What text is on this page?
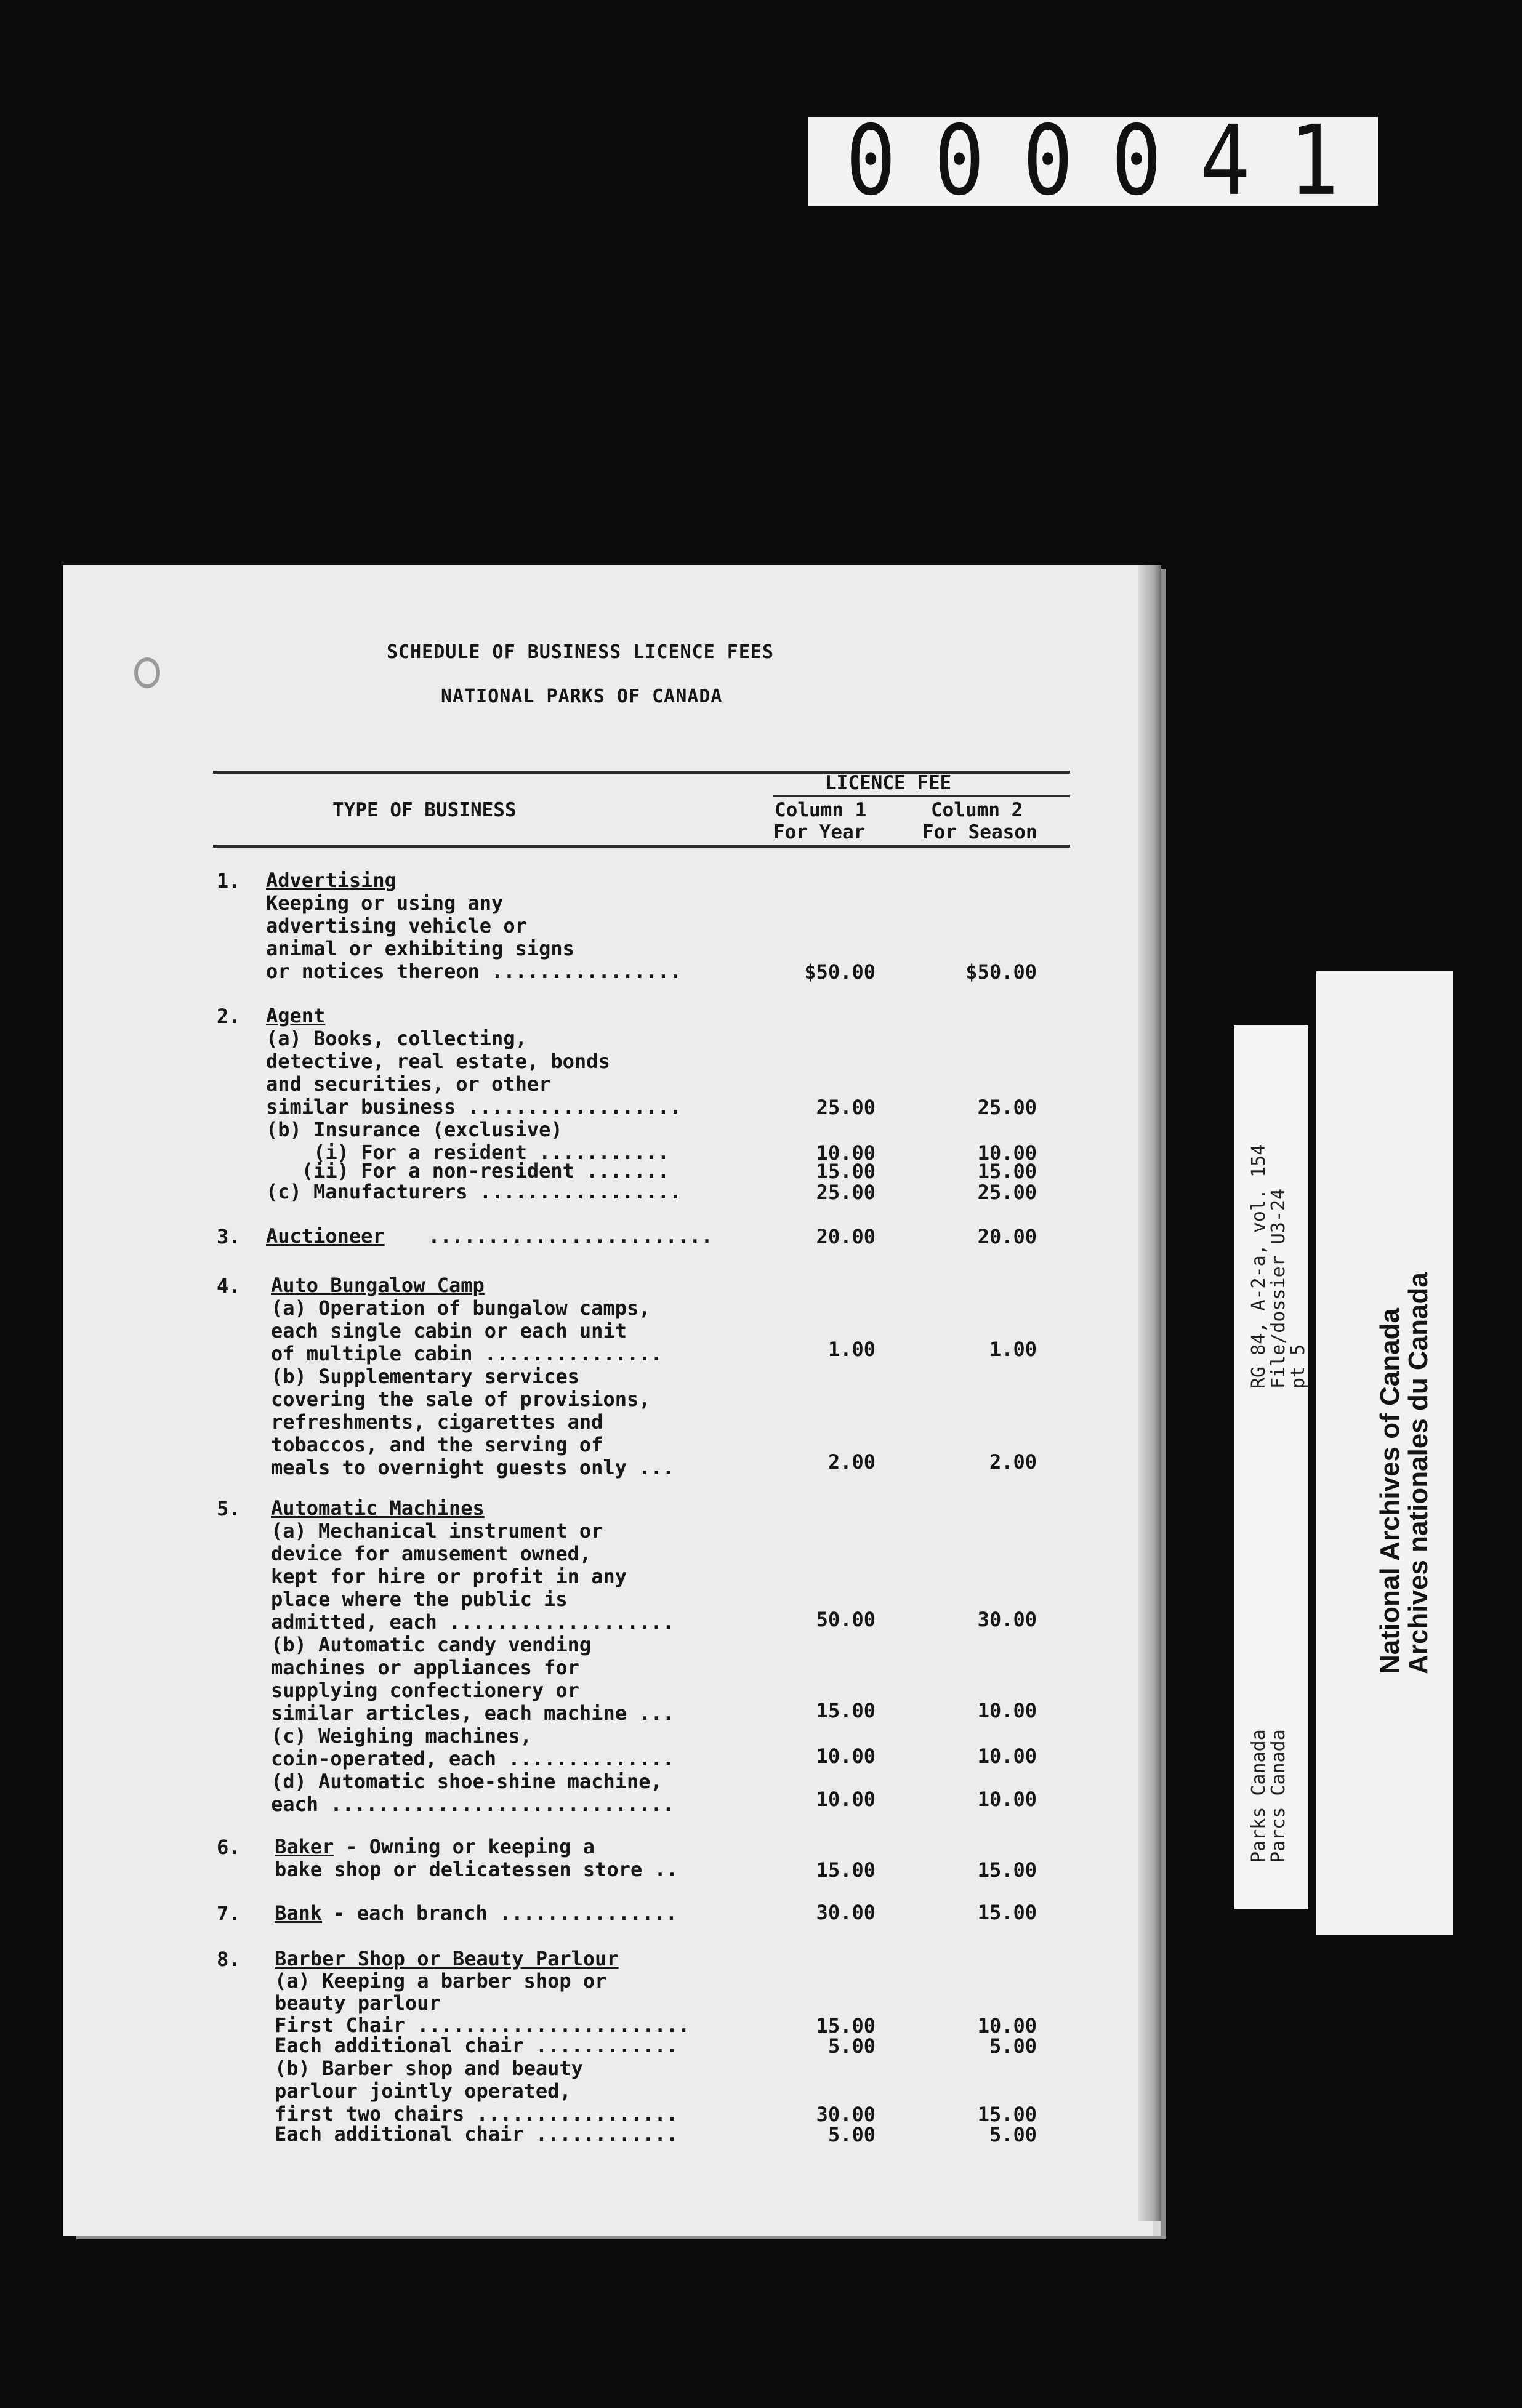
000041
SCHEDULE OF BUSINESS LICENCE FEES
NATIONAL PARKS OF CANADA
LICENCE FEE
TYPE OF BUSINESS	Column 1
For Year
Column 2
For Season
1. Advertising
Keeping or using any
advertising vehicle or
animal or exhibiting signs
or notices thereon ................	$50.00	$50.00
2. Agent
(a) Books, collecting,
detective, real estate, bonds
and securities, or other
similar business ..................	25.00	25.00
(b) Insurance (exclusive)
(i) For a resident ...........	10.00	10.00
(ii) For a non-resident .......	15.00	15.00
(c) Manufacturers .................	25.00	25.00
3. Auctioneer ........................	20.00	20.00
4. Auto Bungalow Camp
(a) Operation of bungalow camps,
each single cabin or each unit
of multiple cabin ...............	1.00	1.00
(b) Supplementary services
covering the sale of provisions,
refreshments, cigarettes and
tobaccos, and the serving of
meals to overnight guests only ...	2.00	2.00
5. Automatic Machines
(a) Mechanical instrument or
device for amusement owned,
kept for hire or profit in any
place where the public is
admitted, each ...................	50.00	30.00
(b) Automatic candy vending
machines or appliances for
supplying confectionery or
similar articles, each machine ...	15.00	10.00
(c) Weighing machines,
coin-operated, each ..............	10.00	10.00
(d) Automatic shoe-shine machine,
each .............................	10.00	10.00
6. Baker - Owning or keeping a
bake shop or delicatessen store ..	15.00	15.00
7. Bank
- each branch ...............	30.00	15.00
8. Barber Shop or Beauty Parlour
(a) Keeping a barber shop or
beauty parlour
First Chair .......................	15.00	10.00
Each additional chair ............	5.00	5.00
(b) Barber shop and beauty
parlour jointly operated,
first two chairs .................	30.00	15.00
Each additional chair ............	5.00	5.00
RG 84, A-2-a, vol. 154
File/dossier U3-24
pt 5
Parks Canada
Parcs Canada
National Archives of Canada
Archives nationales du Canada
